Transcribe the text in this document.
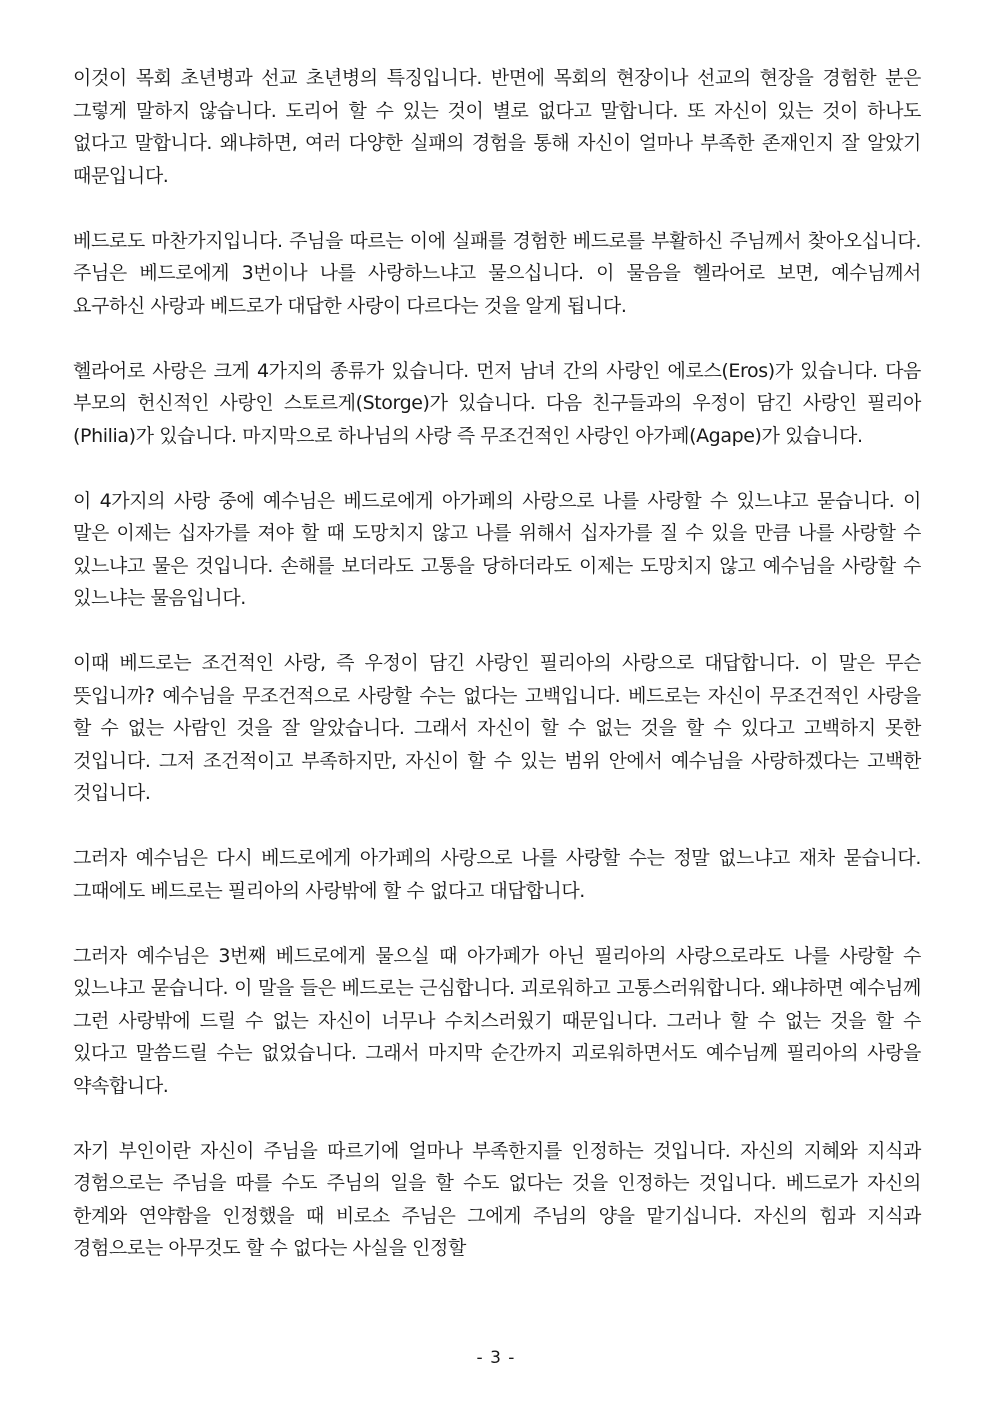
이것이 목회 초년병과 선교 초년병의 특징입니다. 반면에 목회의 현장이나 선교의 현장을 경험한 분은 그렇게 말하지 않습니다. 도리어 할 수 있는 것이 별로 없다고 말합니다. 또 자신이 있는 것이 하나도 없다고 말합니다. 왜냐하면, 여러 다양한 실패의 경험을 통해 자신이 얼마나 부족한 존재인지 잘 알았기 때문입니다.

베드로도 마찬가지입니다. 주님을 따르는 이에 실패를 경험한 베드로를 부활하신 주님께서 찾아오십니다. 주님은 베드로에게 3번이나 나를 사랑하느냐고 물으십니다. 이 물음을 헬라어로 보면, 예수님께서 요구하신 사랑과 베드로가 대답한 사랑이 다르다는 것을 알게 됩니다.

헬라어로 사랑은 크게 4가지의 종류가 있습니다. 먼저 남녀 간의 사랑인 에로스(Eros)가 있습니다. 다음 부모의 헌신적인 사랑인 스토르게(Storge)가 있습니다. 다음 친구들과의 우정이 담긴 사랑인 필리아(Philia)가 있습니다. 마지막으로 하나님의 사랑 즉 무조건적인 사랑인 아가페(Agape)가 있습니다.

이 4가지의 사랑 중에 예수님은 베드로에게 아가페의 사랑으로 나를 사랑할 수 있느냐고 묻습니다. 이 말은 이제는 십자가를 져야 할 때 도망치지 않고 나를 위해서 십자가를 질 수 있을 만큼 나를 사랑할 수 있느냐고 물은 것입니다. 손해를 보더라도 고통을 당하더라도 이제는 도망치지 않고 예수님을 사랑할 수 있느냐는 물음입니다.

이때 베드로는 조건적인 사랑, 즉 우정이 담긴 사랑인 필리아의 사랑으로 대답합니다. 이 말은 무슨 뜻입니까? 예수님을 무조건적으로 사랑할 수는 없다는 고백입니다. 베드로는 자신이 무조건적인 사랑을 할 수 없는 사람인 것을 잘 알았습니다. 그래서 자신이 할 수 없는 것을 할 수 있다고 고백하지 못한 것입니다. 그저 조건적이고 부족하지만, 자신이 할 수 있는 범위 안에서 예수님을 사랑하겠다는 고백한 것입니다.

그러자 예수님은 다시 베드로에게 아가페의 사랑으로 나를 사랑할 수는 정말 없느냐고 재차 묻습니다. 그때에도 베드로는 필리아의 사랑밖에 할 수 없다고 대답합니다.

그러자 예수님은 3번째 베드로에게 물으실 때 아가페가 아닌 필리아의 사랑으로라도 나를 사랑할 수 있느냐고 묻습니다. 이 말을 들은 베드로는 근심합니다. 괴로워하고 고통스러워합니다. 왜냐하면 예수님께 그런 사랑밖에 드릴 수 없는 자신이 너무나 수치스러웠기 때문입니다. 그러나 할 수 없는 것을 할 수 있다고 말씀드릴 수는 없었습니다. 그래서 마지막 순간까지 괴로워하면서도 예수님께 필리아의 사랑을 약속합니다.

자기 부인이란 자신이 주님을 따르기에 얼마나 부족한지를 인정하는 것입니다. 자신의 지혜와 지식과 경험으로는 주님을 따를 수도 주님의 일을 할 수도 없다는 것을 인정하는 것입니다. 베드로가 자신의 한계와 연약함을 인정했을 때 비로소 주님은 그에게 주님의 양을 맡기십니다. 자신의 힘과 지식과 경험으로는 아무것도 할 수 없다는 사실을 인정할

- 3 -
